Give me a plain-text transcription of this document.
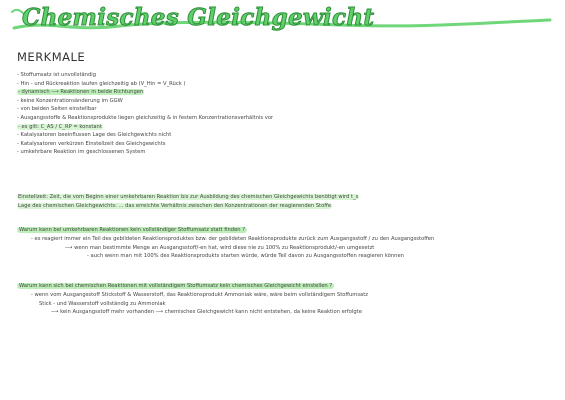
Chemisches Gleichgewicht
MERKMALE
- Stoffumsatz ist unvollständig
- Hin - und Rückreaktion laufen gleichzeitig ab (V_Hin = V_Rück )
- dynamisch ⟶ Reaktionen in beide Richtungen
- keine Konzentrationsänderung im GGW
- von beiden Seiten einstellbar
- Ausgangsstoffe & Reaktionsprodukte liegen gleichzeitig & in festem Konzentrationsverhältnis vor
- es gilt: C_AS / C_RP = konstant
- Katalysatoren beeinflussen Lage des Gleichgewichts nicht
- Katalysatoren verkürzen Einstellzeit des Gleichgewichts
- umkehrbare Reaktion im geschlossenen System
Einstellzeit: Zeit, die vom Beginn einer umkehrbaren Reaktion bis zur Ausbildung des chemischen Gleichgewichts benötigt wird t_s
Lage des chemischen Gleichgewichts: ... das erreichte Verhältnis zwischen den Konzentrationen der reagierenden Stoffe
Warum kann bei umkehrbaren Reaktionen kein vollständiger Stoffumsatz statt finden ?
- es reagiert immer ein Teil des gebildeten Reaktionsproduktes bzw. der gebildeten Reaktionsprodukte zurück zum Ausgangsstoff / zu den Ausgangsstoffen
⟶ wenn man bestimmte Menge an Ausgangsstoff/-en hat, wird diese nie zu 100% zu Reaktionsprodukt/-en umgesetzt
- auch wenn man mit 100% des Reaktionsprodukts starten würde, würde Teil davon zu Ausgangsstoffen reagieren können
Warum kann sich bei chemischen Reaktionen mit vollständigem Stoffumsatz kein chemisches Gleichgewicht einstellen ?
- wenn vom Ausgangsstoff Stickstoff & Wasserstoff, das Reaktionsprodukt Ammoniak wäre, wäre beim vollständigem Stoffumsatz
Stick - und Wasserstoff vollständig zu Ammoniak
⟶ kein Ausgangsstoff mehr vorhanden ⟶ chemisches Gleichgewicht kann nicht entstehen, da keine Reaktion erfolgte
